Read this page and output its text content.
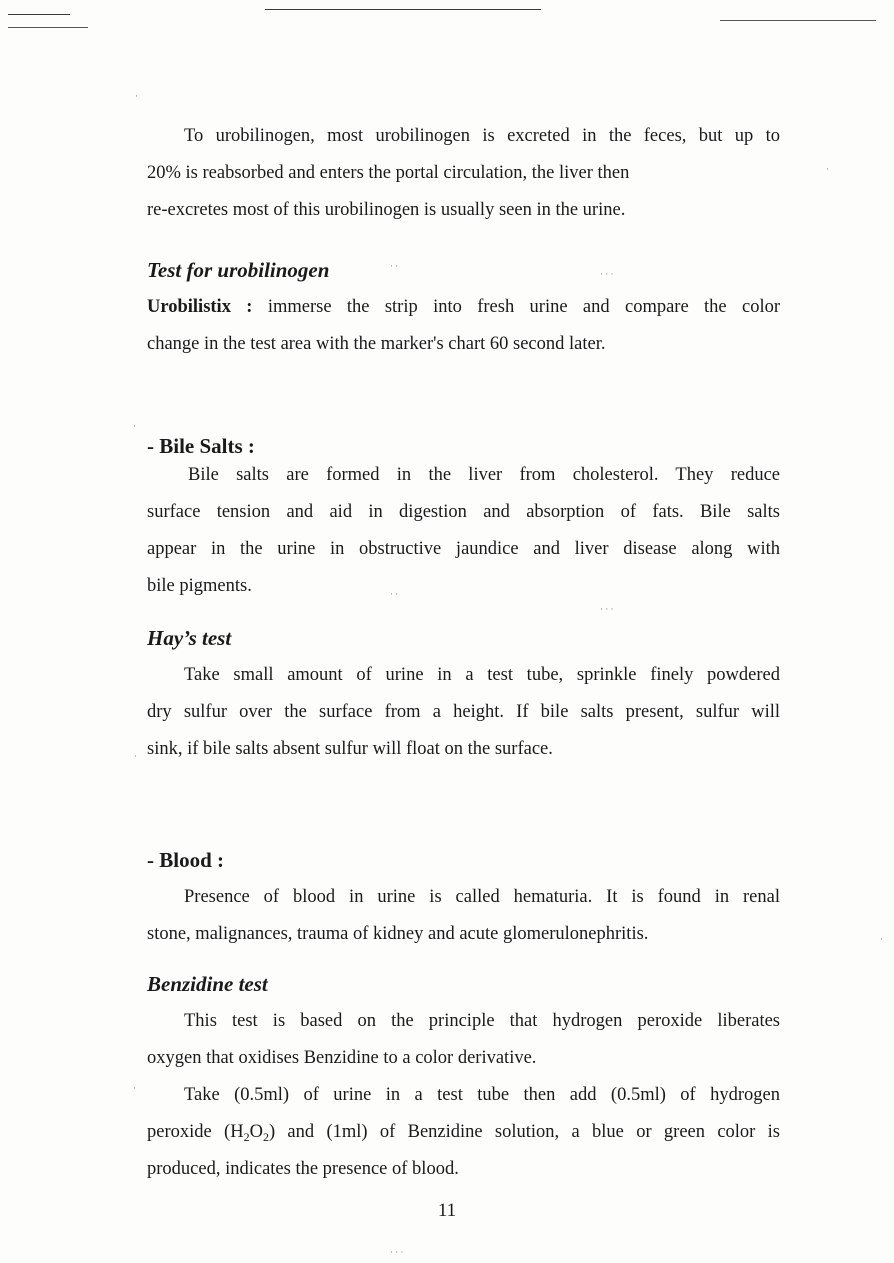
·
·
· ·
· · ·
·
· ·
· · ·
·
·
·
· · ·
To urobilinogen, most urobilinogen is excreted in the feces, but up to
20% is reabsorbed and enters the portal circulation, the liver then
re-excretes most of this urobilinogen is usually seen in the urine.
Test for urobilinogen
Urobilistix : immerse the strip into fresh urine and compare the color
change in the test area with the marker's chart 60 second later.
- Bile Salts :
Bile salts are formed in the liver from cholesterol. They reduce
surface tension and aid in digestion and absorption of fats. Bile salts
appear in the urine in obstructive jaundice and liver disease along with
bile pigments.
Hay’s test
Take small amount of urine in a test tube, sprinkle finely powdered
dry sulfur over the surface from a height. If bile salts present, sulfur will
sink, if bile salts absent sulfur will float on the surface.
- Blood :
Presence of blood in urine is called hematuria. It is found in renal
stone, malignances, trauma of kidney and acute glomerulonephritis.
Benzidine test
This test is based on the principle that hydrogen peroxide liberates
oxygen that oxidises Benzidine to a color derivative.
Take (0.5ml) of urine in a test tube then add (0.5ml) of hydrogen
peroxide $(H_2O_2)$ and (1ml) of Benzidine solution, a blue or green color is
produced, indicates the presence of blood.
11
